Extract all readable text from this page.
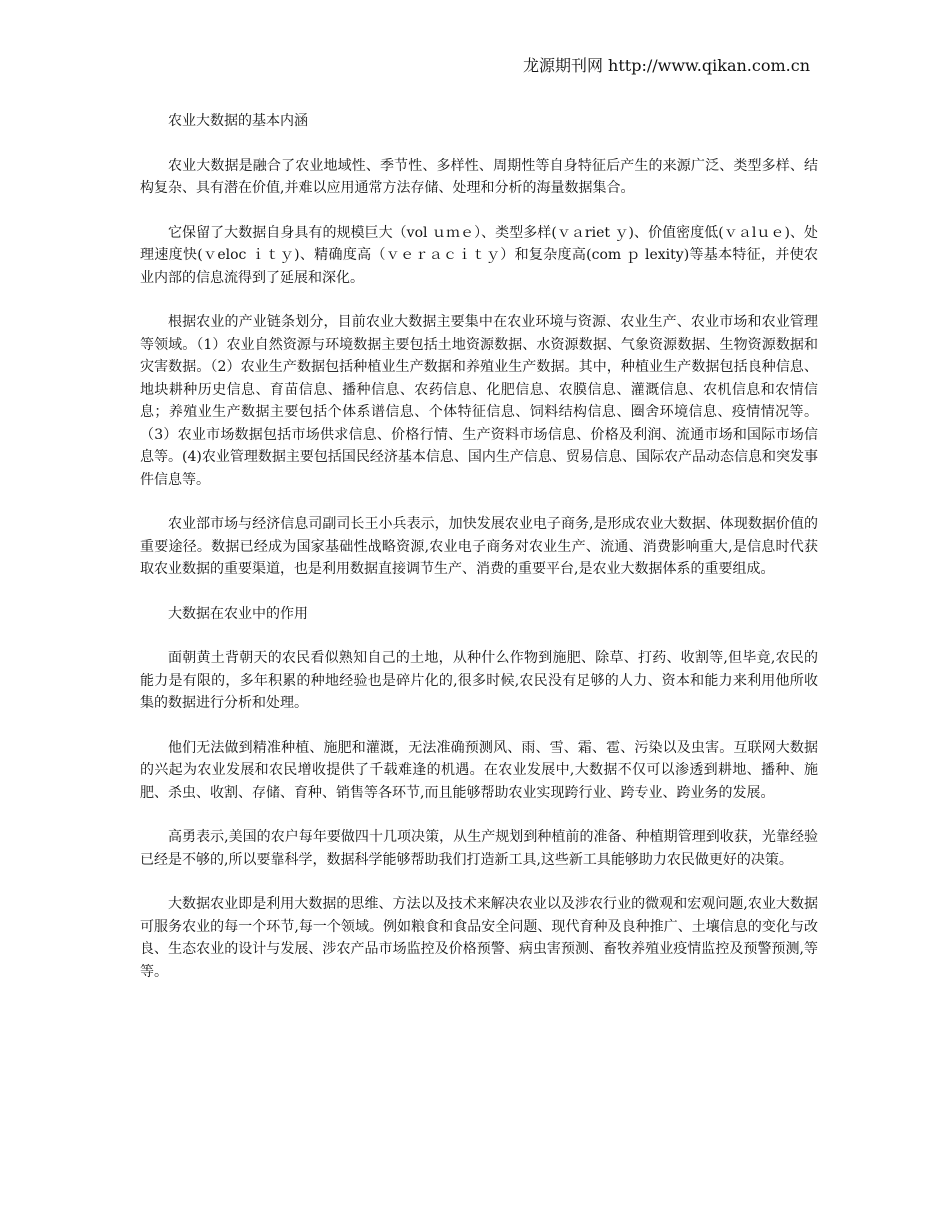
龙源期刊网 http://www.qikan.com.cn

农业大数据的基本内涵

农业大数据是融合了农业地域性、季节性、多样性、周期性等自身特征后产生的来源广泛、类型多样、结构复杂、具有潜在价值,并难以应用通常方法存储、处理和分析的海量数据集合。

它保留了大数据自身具有的规模巨大（vol ｕｍｅ）、类型多样(ｖａriet ｙ)、价值密度低(ｖａlｕｅ)、处理速度快(ｖeloc ｉｔｙ)、精确度高（ｖｅｒａｃｉｔｙ）和复杂度高(com ｐ lexity)等基本特征，并使农业内部的信息流得到了延展和深化。

根据农业的产业链条划分，目前农业大数据主要集中在农业环境与资源、农业生产、农业市场和农业管理等领域。（1）农业自然资源与环境数据主要包括土地资源数据、水资源数据、气象资源数据、生物资源数据和灾害数据。（2）农业生产数据包括种植业生产数据和养殖业生产数据。其中，种植业生产数据包括良种信息、地块耕种历史信息、育苗信息、播种信息、农药信息、化肥信息、农膜信息、灌溉信息、农机信息和农情信息；养殖业生产数据主要包括个体系谱信息、个体特征信息、饲料结构信息、圈舍环境信息、疫情情况等。（3）农业市场数据包括市场供求信息、价格行情、生产资料市场信息、价格及利润、流通市场和国际市场信息等。(4)农业管理数据主要包括国民经济基本信息、国内生产信息、贸易信息、国际农产品动态信息和突发事件信息等。

农业部市场与经济信息司副司长王小兵表示，加快发展农业电子商务,是形成农业大数据、体现数据价值的重要途径。数据已经成为国家基础性战略资源,农业电子商务对农业生产、流通、消费影响重大,是信息时代获取农业数据的重要渠道，也是利用数据直接调节生产、消费的重要平台,是农业大数据体系的重要组成。

大数据在农业中的作用

面朝黄土背朝天的农民看似熟知自己的土地，从种什么作物到施肥、除草、打药、收割等,但毕竟,农民的能力是有限的，多年积累的种地经验也是碎片化的,很多时候,农民没有足够的人力、资本和能力来利用他所收集的数据进行分析和处理。

他们无法做到精准种植、施肥和灌溉，无法准确预测风、雨、雪、霜、雹、污染以及虫害。互联网大数据的兴起为农业发展和农民增收提供了千载难逢的机遇。在农业发展中,大数据不仅可以渗透到耕地、播种、施肥、杀虫、收割、存储、育种、销售等各环节,而且能够帮助农业实现跨行业、跨专业、跨业务的发展。

高勇表示,美国的农户每年要做四十几项决策，从生产规划到种植前的准备、种植期管理到收获，光靠经验已经是不够的,所以要靠科学，数据科学能够帮助我们打造新工具,这些新工具能够助力农民做更好的决策。

大数据农业即是利用大数据的思维、方法以及技术来解决农业以及涉农行业的微观和宏观问题,农业大数据可服务农业的每一个环节,每一个领域。例如粮食和食品安全问题、现代育种及良种推广、土壤信息的变化与改良、生态农业的设计与发展、涉农产品市场监控及价格预警、病虫害预测、畜牧养殖业疫情监控及预警预测,等等。
